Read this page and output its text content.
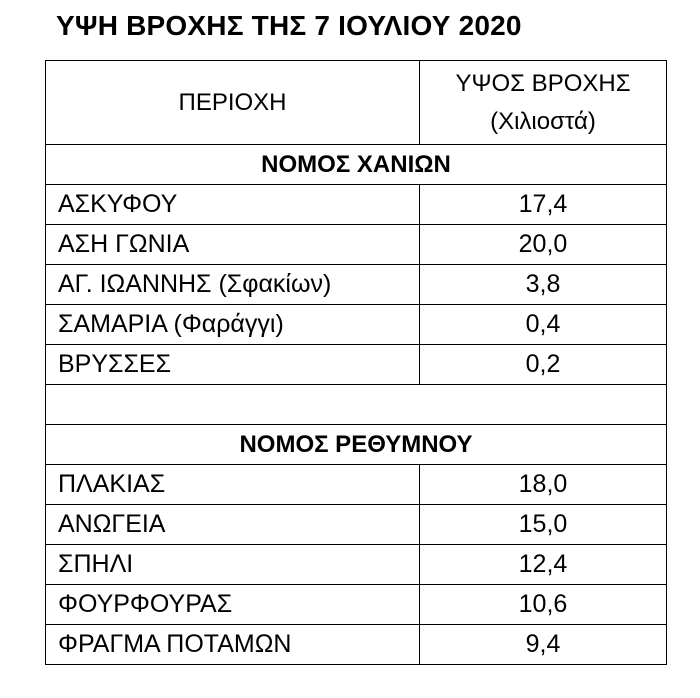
ΥΨΗ ΒΡΟΧΗΣ ΤΗΣ 7 ΙΟΥΛΙΟΥ 2020
ΠΕΡΙΟΧΗ	ΥΨΟΣ ΒΡΟΧΗΣ
(Χιλιοστά)

ΝΟΜΟΣ ΧΑΝΙΩΝ	
ΑΣΚΥΦΟΥ	17,4
ΑΣΗ ΓΩΝΙΑ	20,0
ΑΓ. ΙΩΑΝΝΗΣ (Σφακίων)	3,8
ΣΑΜΑΡΙΑ (Φαράγγι)	0,4
ΒΡΥΣΣΕΣ	0,2

ΝΟΜΟΣ ΡΕΘΥΜΝΟΥ	
ΠΛΑΚΙΑΣ	18,0
ΑΝΩΓΕΙΑ	15,0
ΣΠΗΛΙ	12,4
ΦΟΥΡΦΟΥΡΑΣ	10,6
ΦΡΑΓΜΑ ΠΟΤΑΜΩΝ	9,4
